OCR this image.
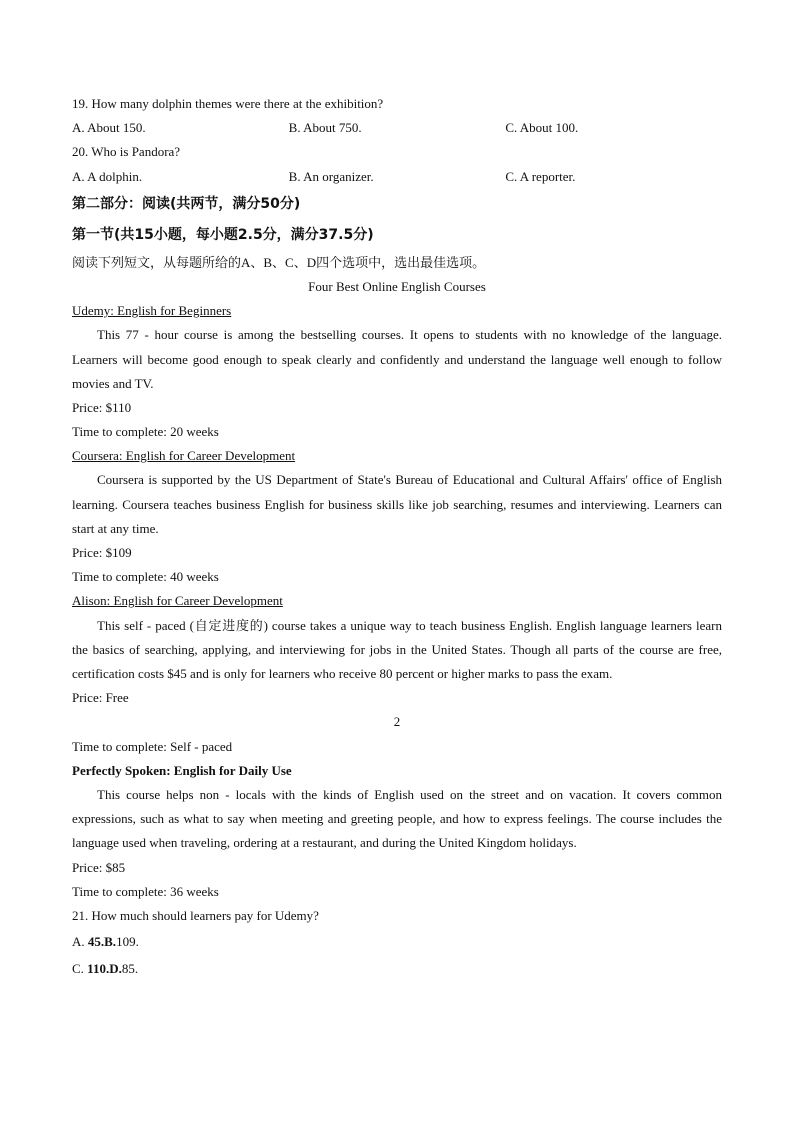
19. How many dolphin themes were there at the exhibition?
A. About 150.	B. About 750.	C. About 100.
20. Who is Pandora?
A. A dolphin.	B. An organizer.	C. A reporter.
第二部分：阅读(共两节，满分50分)
第一节(共15小题，每小题2.5分，满分37.5分)
阅读下列短文，从每题所给的A、B、C、D四个选项中，选出最佳选项。
Four Best Online English Courses
Udemy: English for Beginners
This 77 - hour course is among the bestselling courses. It opens to students with no knowledge of the language. Learners will become good enough to speak clearly and confidently and understand the language well enough to follow movies and TV.
Price: $110
Time to complete: 20 weeks
Coursera: English for Career Development
Coursera is supported by the US Department of State's Bureau of Educational and Cultural Affairs' office of English learning. Coursera teaches business English for business skills like job searching, resumes and interviewing. Learners can start at any time.
Price: $109
Time to complete: 40 weeks
Alison: English for Career Development
This self - paced (自定进度的) course takes a unique way to teach business English. English language learners learn the basics of searching, applying, and interviewing for jobs in the United States. Though all parts of the course are free, certification costs $45 and is only for learners who receive 80 percent or higher marks to pass the exam.
Price: Free
2
Time to complete: Self - paced
Perfectly Spoken: English for Daily Use
This course helps non - locals with the kinds of English used on the street and on vacation. It covers common expressions, such as what to say when meeting and greeting people, and how to express feelings. The course includes the language used when traveling, ordering at a restaurant, and during the United Kingdom holidays.
Price: $85
Time to complete: 36 weeks
21. How much should learners pay for Udemy?
A. 45.B.109.
C. 110.D.85.
